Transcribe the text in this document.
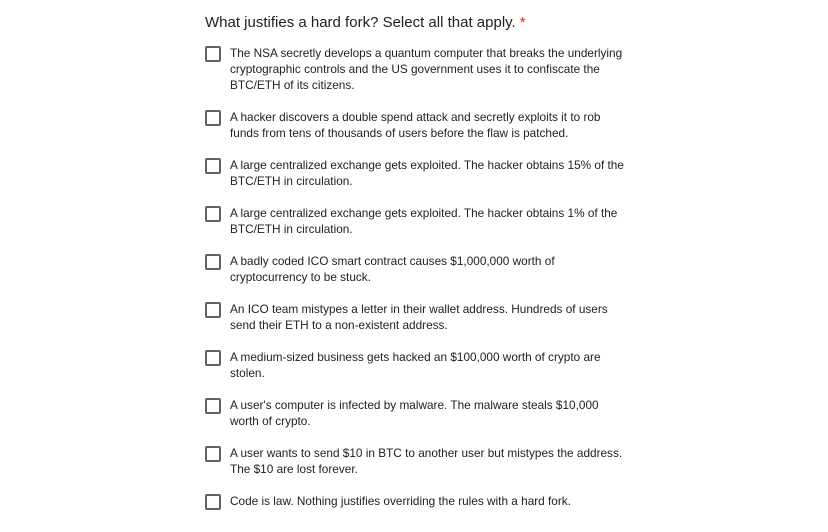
What justifies a hard fork? Select all that apply. *
The NSA secretly develops a quantum computer that breaks the underlying cryptographic controls and the US government uses it to confiscate the BTC/ETH of its citizens.
A hacker discovers a double spend attack and secretly exploits it to rob funds from tens of thousands of users before the flaw is patched.
A large centralized exchange gets exploited. The hacker obtains 15% of the BTC/ETH in circulation.
A large centralized exchange gets exploited. The hacker obtains 1% of the BTC/ETH in circulation.
A badly coded ICO smart contract causes $1,000,000 worth of cryptocurrency to be stuck.
An ICO team mistypes a letter in their wallet address. Hundreds of users send their ETH to a non-existent address.
A medium-sized business gets hacked an $100,000 worth of crypto are stolen.
A user's computer is infected by malware. The malware steals $10,000 worth of crypto.
A user wants to send $10 in BTC to another user but mistypes the address. The $10 are lost forever.
Code is law. Nothing justifies overriding the rules with a hard fork.
